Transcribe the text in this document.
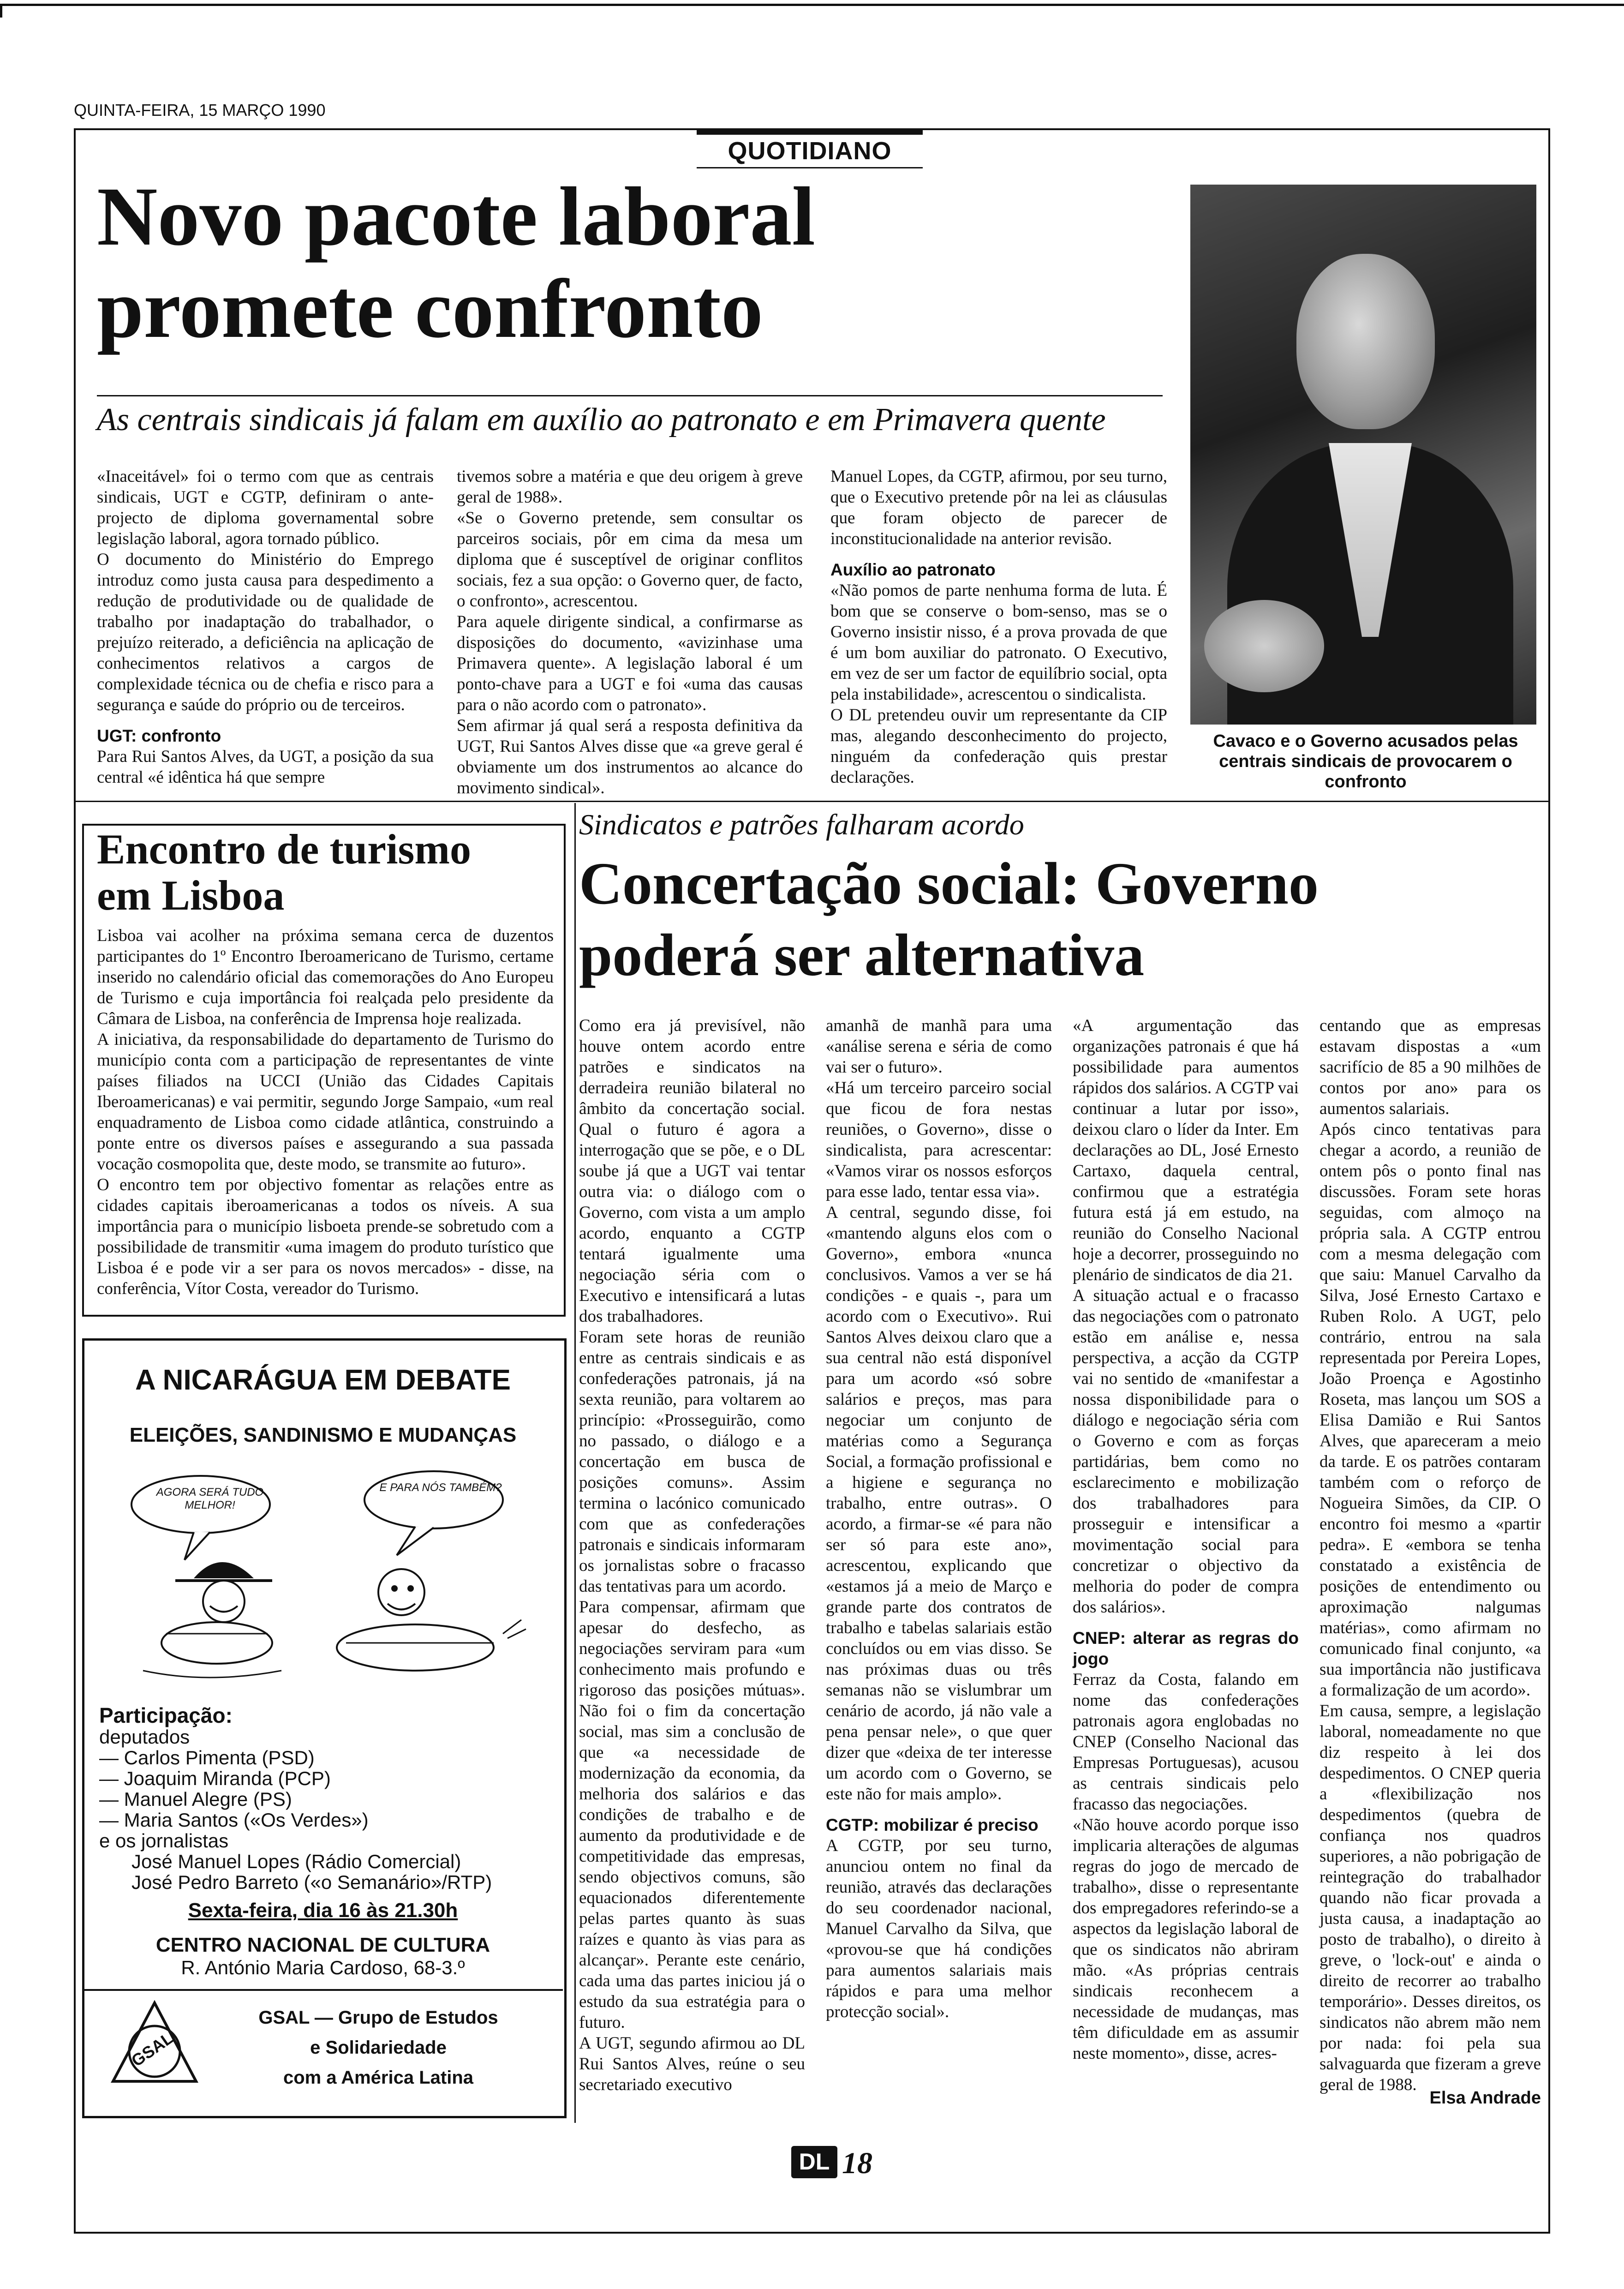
QUINTA-FEIRA, 15 MARÇO 1990
QUOTIDIANO
Novo pacote laboral
promete confronto
As centrais sindicais já falam em auxílio ao patronato e em Primavera quente

«Inaceitável» foi o termo com que as centrais sindicais, UGT e CGTP, definiram o ante-projecto de diploma governamental sobre legislação laboral, agora tornado público.

O documento do Ministério do Emprego introduz como justa causa para despedimento a redução de produtividade ou de qualidade de trabalho por inadaptação do trabalhador, o prejuízo reiterado, a deficiência na aplicação de conhecimentos relativos a cargos de complexidade técnica ou de chefia e risco para a segurança e saúde do próprio ou de terceiros.

UGT: confronto

Para Rui Santos Alves, da UGT, a posição da sua central «é idêntica há que sempre

tivemos sobre a matéria e que deu origem à greve geral de 1988».

«Se o Governo pretende, sem consultar os parceiros sociais, pôr em cima da mesa um diploma que é susceptível de originar conflitos sociais, fez a sua opção: o Governo quer, de facto, o confronto», acrescentou.

Para aquele dirigente sindical, a confirmarse as disposições do documento, «avizinhase uma Primavera quente». A legislação laboral é um ponto-chave para a UGT e foi «uma das causas para o não acordo com o patronato».

Sem afirmar já qual será a resposta definitiva da UGT, Rui Santos Alves disse que «a greve geral é obviamente um dos instrumentos ao alcance do movimento sindical».

Manuel Lopes, da CGTP, afirmou, por seu turno, que o Executivo pretende pôr na lei as cláusulas que foram objecto de parecer de inconstitucionalidade na anterior revisão.

Auxílio ao patronato

«Não pomos de parte nenhuma forma de luta. É bom que se conserve o bom-senso, mas se o Governo insistir nisso, é a prova provada de que é um bom auxiliar do patronato. O Executivo, em vez de ser um factor de equilíbrio social, opta pela instabilidade», acrescentou o sindicalista.

O DL pretendeu ouvir um representante da CIP mas, alegando desconhecimento do projecto, ninguém da confederação quis prestar declarações.

Cavaco e o Governo acusados pelas centrais sindicais de provocarem o confronto
Encontro de turismo
em Lisboa

Lisboa vai acolher na próxima semana cerca de duzentos participantes do 1º Encontro Iberoamericano de Turismo, certame inserido no calendário oficial das comemorações do Ano Europeu de Turismo e cuja importância foi realçada pelo presidente da Câmara de Lisboa, na conferência de Imprensa hoje realizada.

A iniciativa, da responsabilidade do departamento de Turismo do município conta com a participação de representantes de vinte países filiados na UCCI (União das Cidades Capitais Iberoamericanas) e vai permitir, segundo Jorge Sampaio, «um real enquadramento de Lisboa como cidade atlântica, construindo a ponte entre os diversos países e assegurando a sua passada vocação cosmopolita que, deste modo, se transmite ao futuro».

O encontro tem por objectivo fomentar as relações entre as cidades capitais iberoamericanas a todos os níveis. A sua importância para o município lisboeta prende-se sobretudo com a possibilidade de transmitir «uma imagem do produto turístico que Lisboa é e pode vir a ser para os novos mercados» - disse, na conferência, Vítor Costa, vereador do Turismo.

A NICARÁGUA EM DEBATE
ELEIÇÕES, SANDINISMO E MUDANÇAS
AGORA SERÁ TUDO MELHOR!
E PARA NÓS TAMBÉM?
Participação:
deputados
— Carlos Pimenta (PSD)
— Joaquim Miranda (PCP)
— Manuel Alegre (PS)
— Maria Santos («Os Verdes»)
e os jornalistas
José Manuel Lopes (Rádio Comercial)
José Pedro Barreto («o Semanário»/RTP)
Sexta-feira, dia 16 às 21.30h
CENTRO NACIONAL DE CULTURA
R. António Maria Cardoso, 68-3.º
GSAL
GSAL — Grupo de Estudos
e Solidariedade
com a América Latina
Sindicatos e patrões falharam acordo
Concertação social: Governo
poderá ser alternativa

Como era já previsível, não houve ontem acordo entre patrões e sindicatos na derradeira reunião bilateral no âmbito da concertação social. Qual o futuro é agora a interrogação que se põe, e o DL soube já que a UGT vai tentar outra via: o diálogo com o Governo, com vista a um amplo acordo, enquanto a CGTP tentará igualmente uma negociação séria com o Executivo e intensificará a lutas dos trabalhadores.

Foram sete horas de reunião entre as centrais sindicais e as confederações patronais, já na sexta reunião, para voltarem ao princípio: «Prosseguirão, como no passado, o diálogo e a concertação em busca de posições comuns». Assim termina o lacónico comunicado com que as confederações patronais e sindicais informaram os jornalistas sobre o fracasso das tentativas para um acordo.

Para compensar, afirmam que apesar do desfecho, as negociações serviram para «um conhecimento mais profundo e rigoroso das posições mútuas». Não foi o fim da concertação social, mas sim a conclusão de que «a necessidade de modernização da economia, da melhoria dos salários e das condições de trabalho e de aumento da produtividade e de competitividade das empresas, sendo objectivos comuns, são equacionados diferentemente pelas partes quanto às suas raízes e quanto às vias para as alcançar». Perante este cenário, cada uma das partes iniciou já o estudo da sua estratégia para o futuro.

A UGT, segundo afirmou ao DL Rui Santos Alves, reúne o seu secretariado executivo

amanhã de manhã para uma «análise serena e séria de como vai ser o futuro».

«Há um terceiro parceiro social que ficou de fora nestas reuniões, o Governo», disse o sindicalista, para acrescentar: «Vamos virar os nossos esforços para esse lado, tentar essa via».

A central, segundo disse, foi «mantendo alguns elos com o Governo», embora «nunca conclusivos. Vamos a ver se há condições - e quais -, para um acordo com o Executivo». Rui Santos Alves deixou claro que a sua central não está disponível para um acordo «só sobre salários e preços, mas para negociar um conjunto de matérias como a Segurança Social, a formação profissional e a higiene e segurança no trabalho, entre outras». O acordo, a firmar-se «é para não ser só para este ano», acrescentou, explicando que «estamos já a meio de Março e grande parte dos contratos de trabalho e tabelas salariais estão concluídos ou em vias disso. Se nas próximas duas ou três semanas não se vislumbrar um cenário de acordo, já não vale a pena pensar nele», o que quer dizer que «deixa de ter interesse um acordo com o Governo, se este não for mais amplo».

CGTP: mobilizar é preciso

A CGTP, por seu turno, anunciou ontem no final da reunião, através das declarações do seu coordenador nacional, Manuel Carvalho da Silva, que «provou-se que há condições para aumentos salariais mais rápidos e para uma melhor protecção social».

«A argumentação das organizações patronais é que há possibilidade para aumentos rápidos dos salários. A CGTP vai continuar a lutar por isso», deixou claro o líder da Inter. Em declarações ao DL, José Ernesto Cartaxo, daquela central, confirmou que a estratégia futura está já em estudo, na reunião do Conselho Nacional hoje a decorrer, prosseguindo no plenário de sindicatos de dia 21.

A situação actual e o fracasso das negociações com o patronato estão em análise e, nessa perspectiva, a acção da CGTP vai no sentido de «manifestar a nossa disponibilidade para o diálogo e negociação séria com o Governo e com as forças partidárias, bem como no esclarecimento e mobilização dos trabalhadores para prosseguir e intensificar a movimentação social para concretizar o objectivo da melhoria do poder de compra dos salários».

CNEP: alterar as regras do jogo

Ferraz da Costa, falando em nome das confederações patronais agora englobadas no CNEP (Conselho Nacional das Empresas Portuguesas), acusou as centrais sindicais pelo fracasso das negociações.

«Não houve acordo porque isso implicaria alterações de algumas regras do jogo de mercado de trabalho», disse o representante dos empregadores referindo-se a aspectos da legislação laboral de que os sindicatos não abriram mão. «As próprias centrais sindicais reconhecem a necessidade de mudanças, mas têm dificuldade em as assumir neste momento», disse, acres-

centando que as empresas estavam dispostas a «um sacrifício de 85 a 90 milhões de contos por ano» para os aumentos salariais.

Após cinco tentativas para chegar a acordo, a reunião de ontem pôs o ponto final nas discussões. Foram sete horas seguidas, com almoço na própria sala. A CGTP entrou com a mesma delegação com que saiu: Manuel Carvalho da Silva, José Ernesto Cartaxo e Ruben Rolo. A UGT, pelo contrário, entrou na sala representada por Pereira Lopes, João Proença e Agostinho Roseta, mas lançou um SOS a Elisa Damião e Rui Santos Alves, que apareceram a meio da tarde. E os patrões contaram também com o reforço de Nogueira Simões, da CIP. O encontro foi mesmo a «partir pedra». E «embora se tenha constatado a existência de posições de entendimento ou aproximação nalgumas matérias», como afirmam no comunicado final conjunto, «a sua importância não justificava a formalização de um acordo».

Em causa, sempre, a legislação laboral, nomeadamente no que diz respeito à lei dos despedimentos. O CNEP queria a «flexibilização nos despedimentos (quebra de confiança nos quadros superiores, a não pobrigação de reintegração do trabalhador quando não ficar provada a justa causa, a inadaptação ao posto de trabalho), o direito à greve, o 'lock-out' e ainda o direito de recorrer ao trabalho temporário». Desses direitos, os sindicatos não abrem mão nem por nada: foi pela sua salvaguarda que fizeram a greve geral de 1988.

Elsa Andrade
DL 18
